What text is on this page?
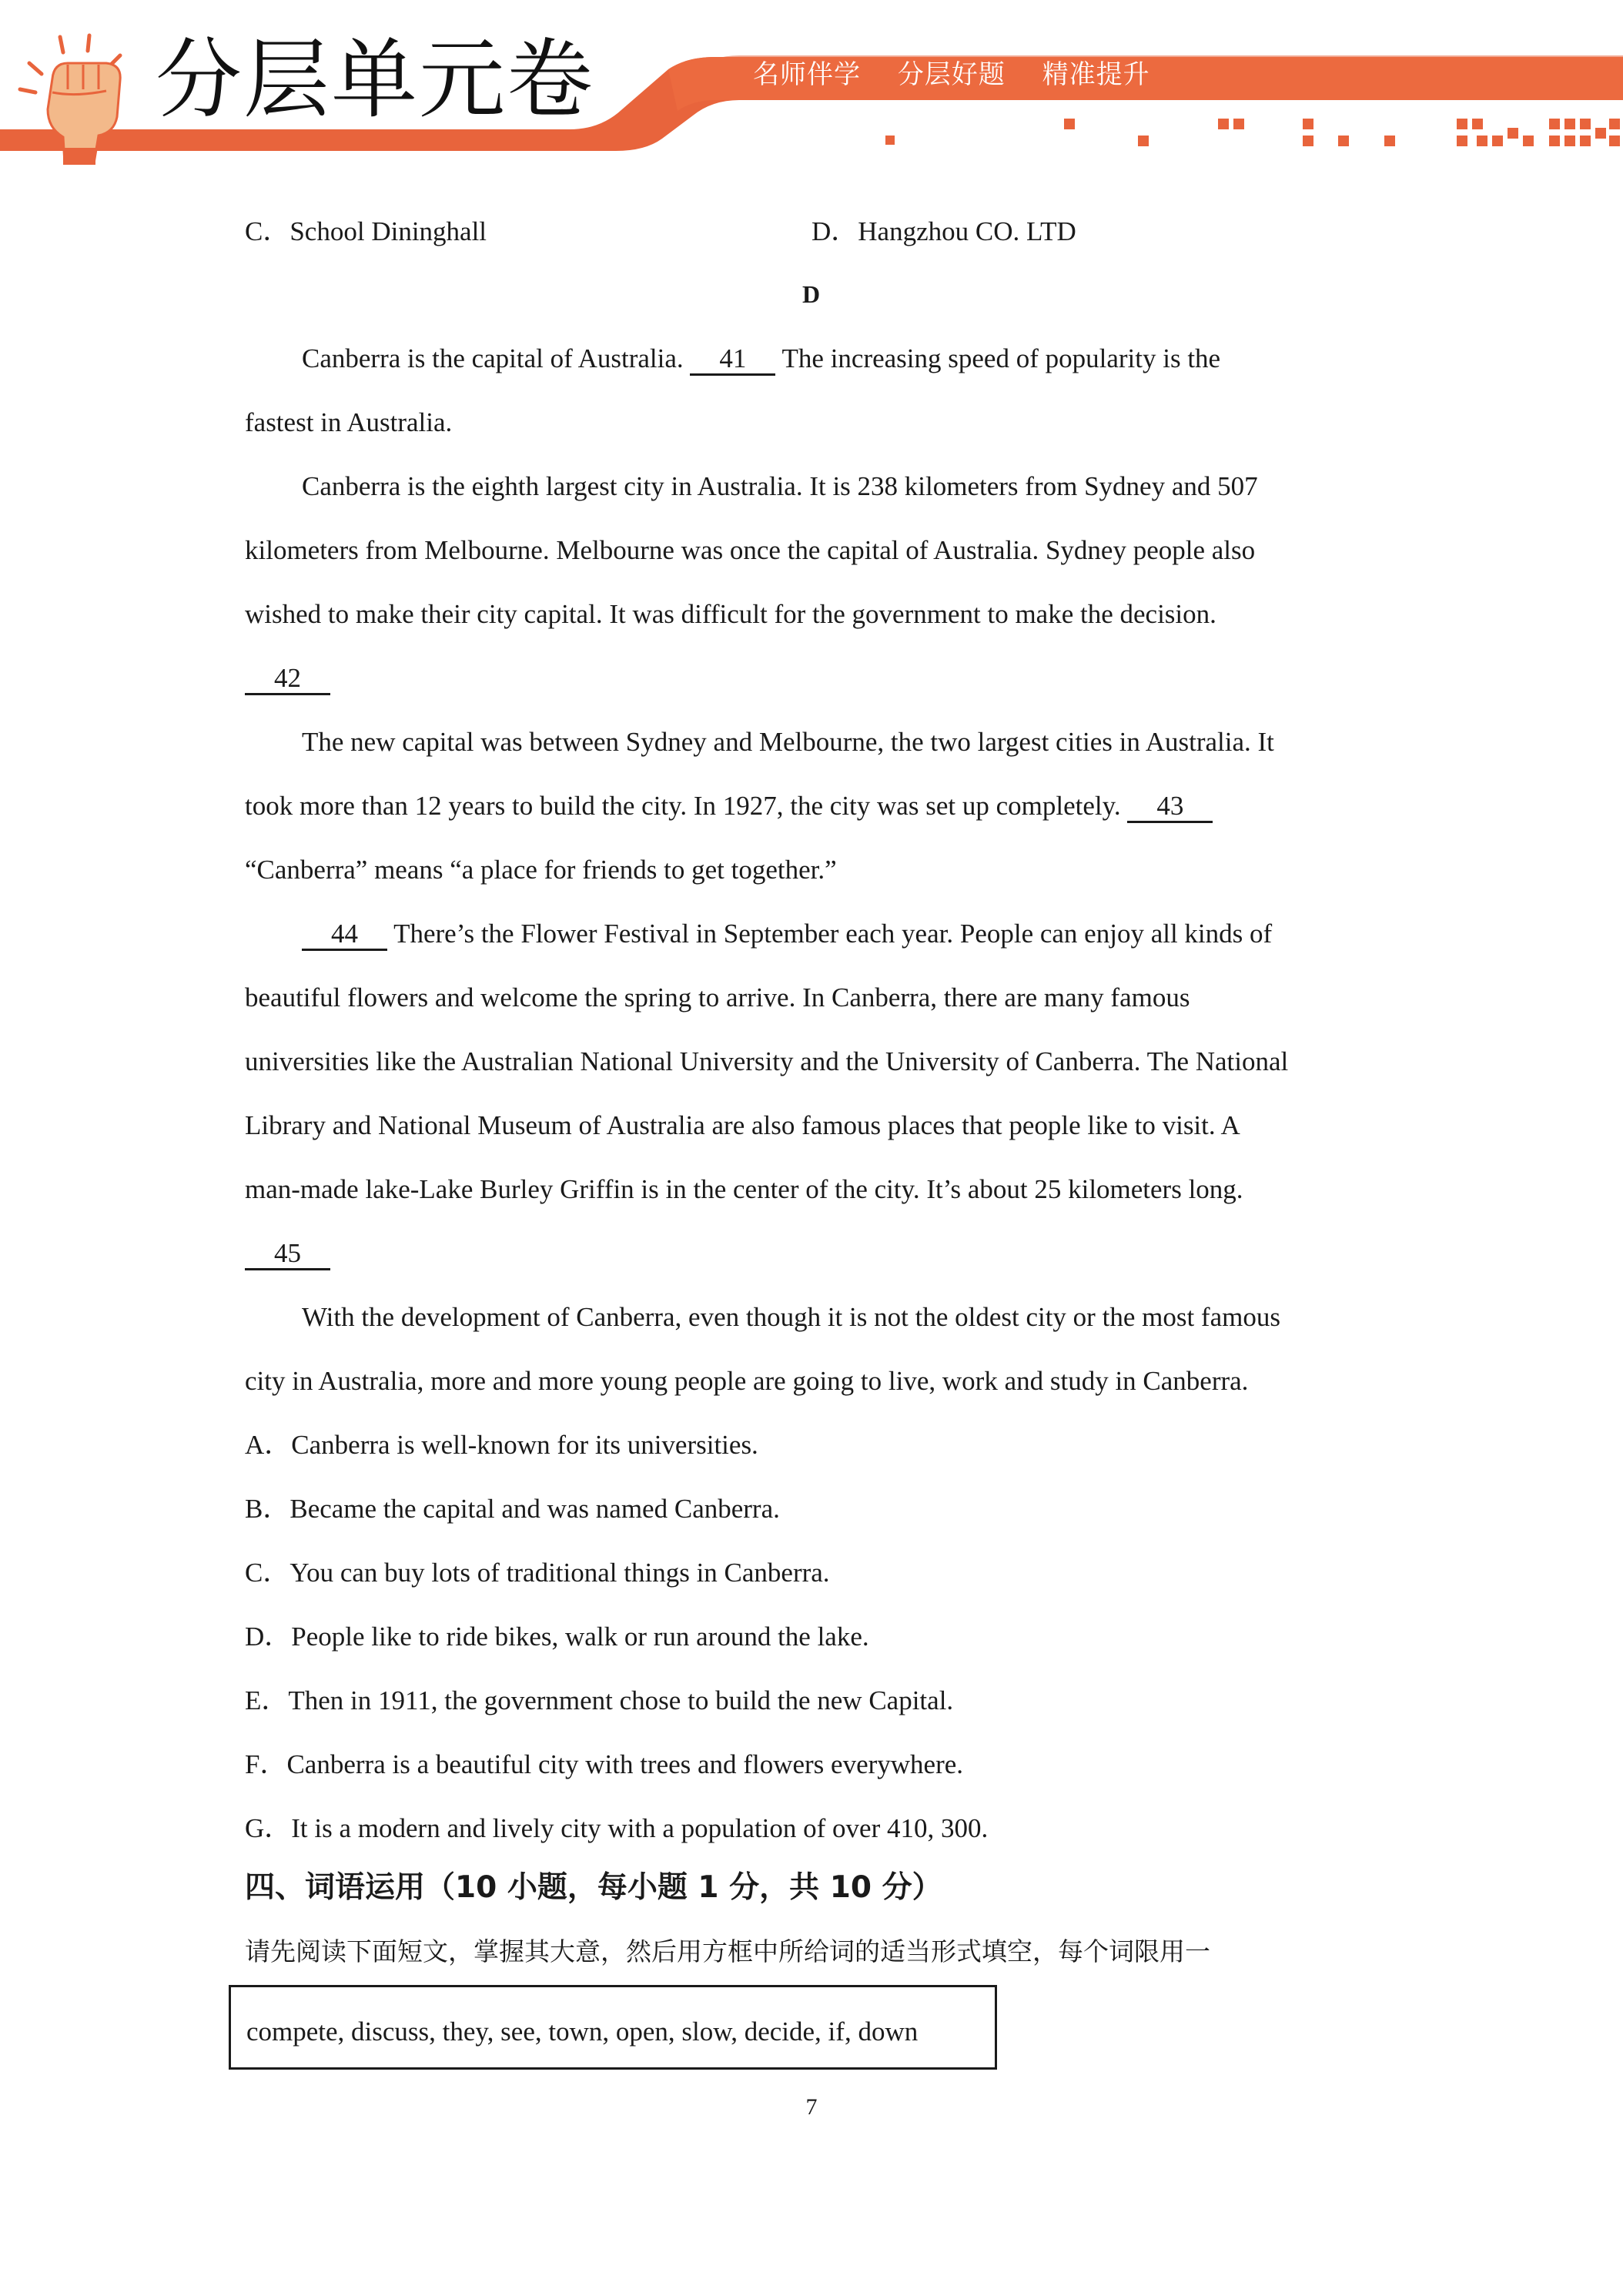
分层单元卷	名师伴学 分层好题 精准提升
C．School Dininghall	D．Hangzhou CO. LTD
D
Canberra is the capital of Australia. 41 The increasing speed of popularity is the
fastest in Australia.
Canberra is the eighth largest city in Australia. It is 238 kilometers from Sydney and 507
kilometers from Melbourne. Melbourne was once the capital of Australia. Sydney people also
wished to make their city capital. It was difficult for the government to make the decision.
42
The new capital was between Sydney and Melbourne, the two largest cities in Australia. It
took more than 12 years to build the city. In 1927, the city was set up completely. 43
“Canberra” means “a place for friends to get together.”
44 There’s the Flower Festival in September each year. People can enjoy all kinds of
beautiful flowers and welcome the spring to arrive. In Canberra, there are many famous
universities like the Australian National University and the University of Canberra. The National
Library and National Museum of Australia are also famous places that people like to visit. A
man-made lake-Lake Burley Griffin is in the center of the city. It’s about 25 kilometers long.
45
With the development of Canberra, even though it is not the oldest city or the most famous
city in Australia, more and more young people are going to live, work and study in Canberra.
A．Canberra is well-known for its universities.
B．Became the capital and was named Canberra.
C．You can buy lots of traditional things in Canberra.
D．People like to ride bikes, walk or run around the lake.
E．Then in 1911, the government chose to build the new Capital.
F．Canberra is a beautiful city with trees and flowers everywhere.
G．It is a modern and lively city with a population of over 410, 300.
四、词语运用（10 小题，每小题 1 分，共 10 分）
请先阅读下面短文，掌握其大意，然后用方框中所给词的适当形式填空，每个词限用一
compete, discuss, they, see, town, open, slow, decide, if, down
7
